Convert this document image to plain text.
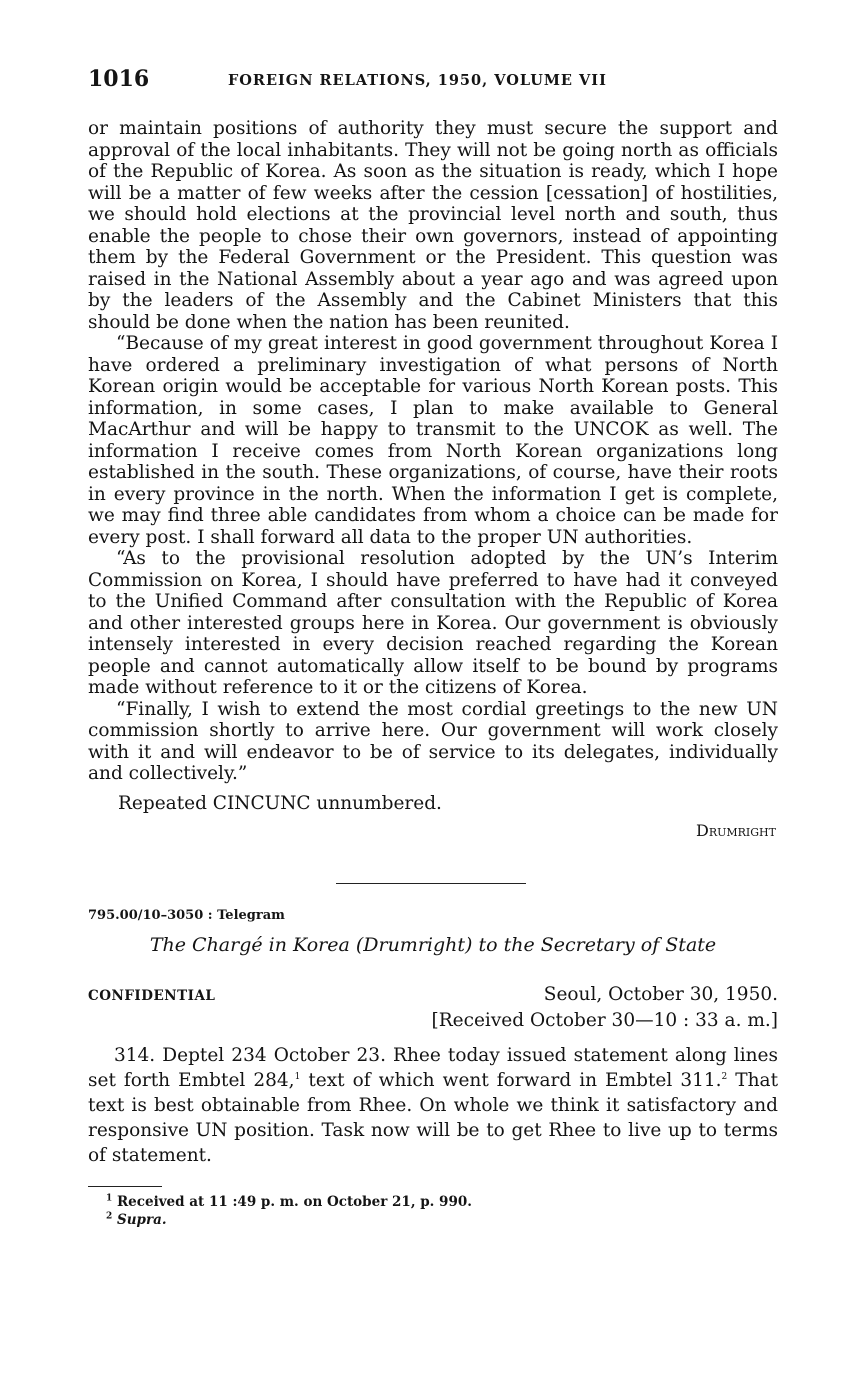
1016	FOREIGN RELATIONS, 1950, VOLUME VII

or maintain positions of authority they must secure the support and approval of the local inhabitants. They will not be going north as officials of the Republic of Korea. As soon as the situation is ready, which I hope will be a matter of few weeks after the cession [cessation] of hostilities, we should hold elections at the provincial level north and south, thus enable the people to chose their own governors, instead of appointing them by the Federal Government or the President. This question was raised in the National Assembly about a year ago and was agreed upon by the leaders of the Assembly and the Cabinet Ministers that this should be done when the nation has been reunited.

“Because of my great interest in good government throughout Korea I have ordered a preliminary investigation of what persons of North Korean origin would be acceptable for various North Korean posts. This information, in some cases, I plan to make available to General MacArthur and will be happy to transmit to the UNCOK as well. The information I receive comes from North Korean organizations long established in the south. These organizations, of course, have their roots in every province in the north. When the information I get is complete, we may find three able candidates from whom a choice can be made for every post. I shall forward all data to the proper UN authorities.

“As to the provisional resolution adopted by the UN’s Interim Commission on Korea, I should have preferred to have had it conveyed to the Unified Command after consultation with the Republic of Korea and other interested groups here in Korea. Our government is obviously intensely interested in every decision reached regarding the Korean people and cannot automatically allow itself to be bound by programs made without reference to it or the citizens of Korea.

“Finally, I wish to extend the most cordial greetings to the new UN commission shortly to arrive here. Our government will work closely with it and will endeavor to be of service to its delegates, individually and collectively.”

Repeated CINCUNC unnumbered.

Drumright

795.00/10–3050 : Telegram
The Chargé in Korea (Drumright) to the Secretary of State
CONFIDENTIAL	Seoul, October 30, 1950.
[Received October 30—10 : 33 a. m.]

314. Deptel 234 October 23. Rhee today issued statement along lines set forth Embtel 284,$^1$ text of which went forward in Embtel 311.$^2$ That text is best obtainable from Rhee. On whole we think it satisfactory and responsive UN position. Task now will be to get Rhee to live up to terms of statement.

$^1$ Received at 11 :49 p. m. on October 21, p. 990.
$^2$ Supra.
